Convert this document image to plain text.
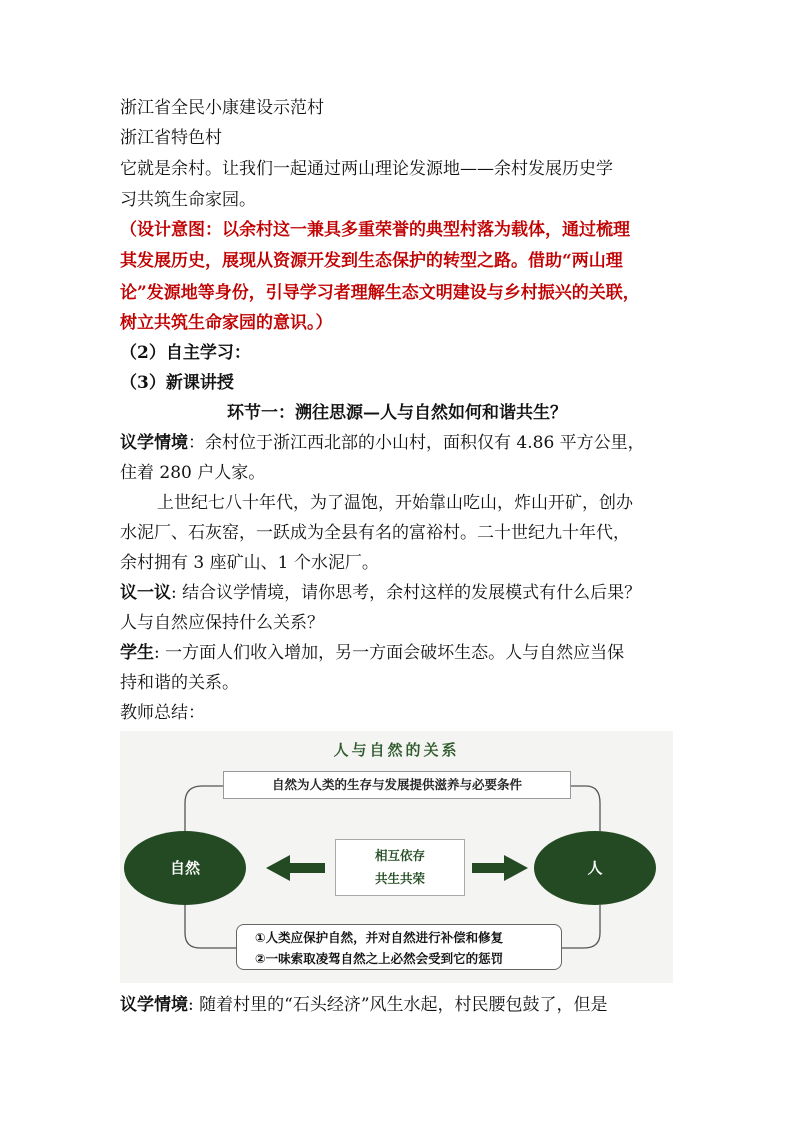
浙江省全民小康建设示范村
浙江省特色村
它就是余村。让我们一起通过两山理论发源地——余村发展历史学
习共筑生命家园。
（设计意图：以余村这一兼具多重荣誉的典型村落为载体，通过梳理
其发展历史，展现从资源开发到生态保护的转型之路。借助“两山理
论”发源地等身份，引导学习者理解生态文明建设与乡村振兴的关联，
树立共筑生命家园的意识。）
（2）自主学习：
（3）新课讲授
环节一：溯往思源—人与自然如何和谐共生？
议学情境：余村位于浙江西北部的小山村，面积仅有 4.86 平方公里，
住着 280 户人家。
上世纪七八十年代，为了温饱，开始靠山吃山，炸山开矿，创办
水泥厂、石灰窑，一跃成为全县有名的富裕村。二十世纪九十年代，
余村拥有 3 座矿山、1 个水泥厂。
议一议: 结合议学情境，请你思考，余村这样的发展模式有什么后果？
人与自然应保持什么关系？
学生: 一方面人们收入增加，另一方面会破坏生态。人与自然应当保
持和谐的关系。
教师总结：
人与自然的关系
自然为人类的生存与发展提供滋养与必要条件
自然	人
相互依存
共生共荣
①人类应保护自然，并对自然进行补偿和修复
②一味索取凌驾自然之上必然会受到它的惩罚
议学情境: 随着村里的“石头经济”风生水起，村民腰包鼓了，但是
